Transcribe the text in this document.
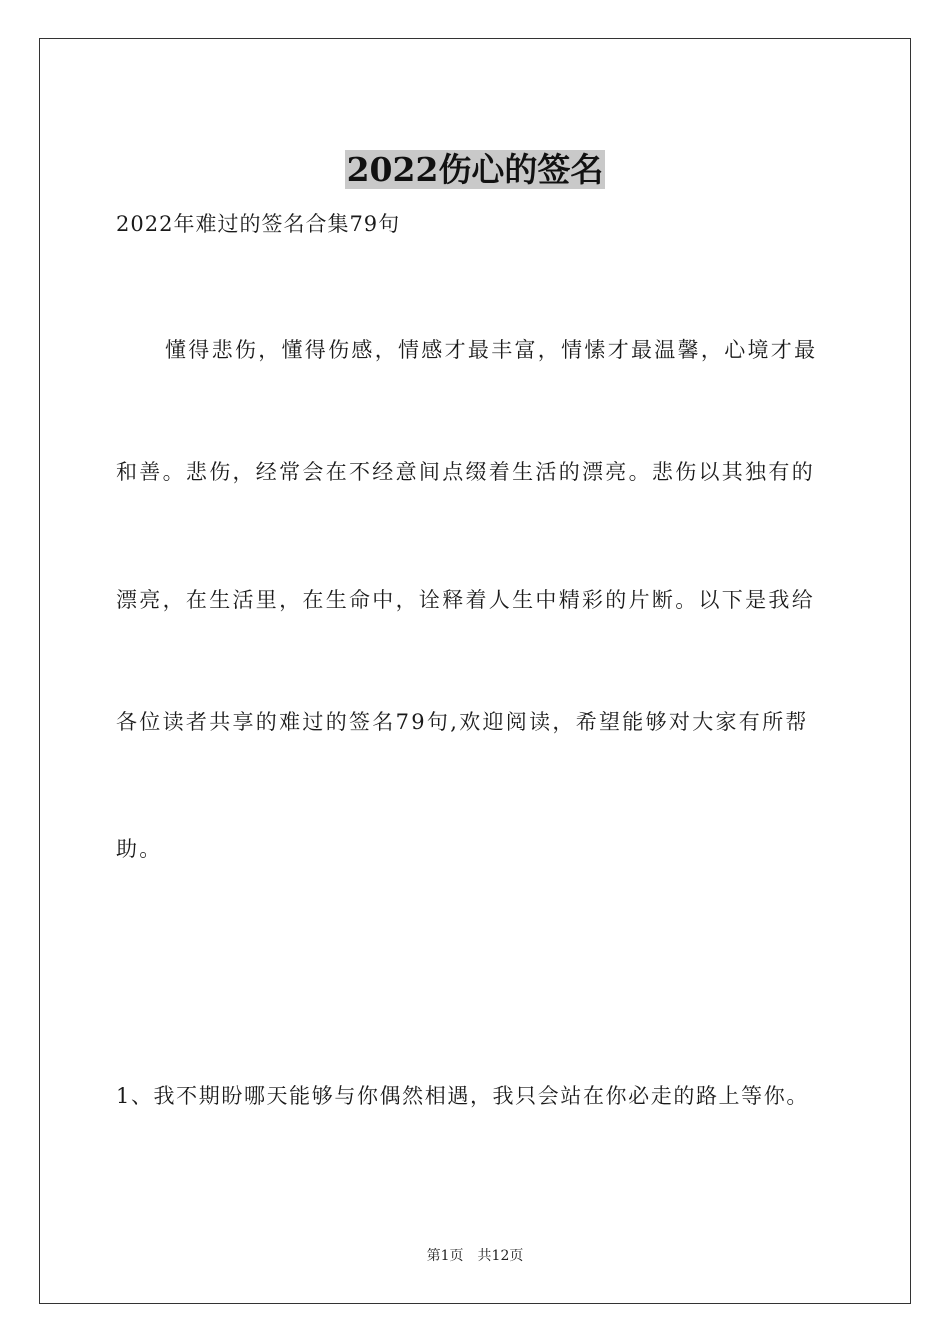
2022伤心的签名
2022年难过的签名合集79句
懂得悲伤，懂得伤感，情感才最丰富，情愫才最温馨，心境才最
和善。悲伤，经常会在不经意间点缀着生活的漂亮。悲伤以其独有的
漂亮，在生活里，在生命中，诠释着人生中精彩的片断。以下是我给
各位读者共享的难过的签名79句,欢迎阅读，希望能够对大家有所帮
助。
1、我不期盼哪天能够与你偶然相遇，我只会站在你必走的路上等你。
第1页 共12页
